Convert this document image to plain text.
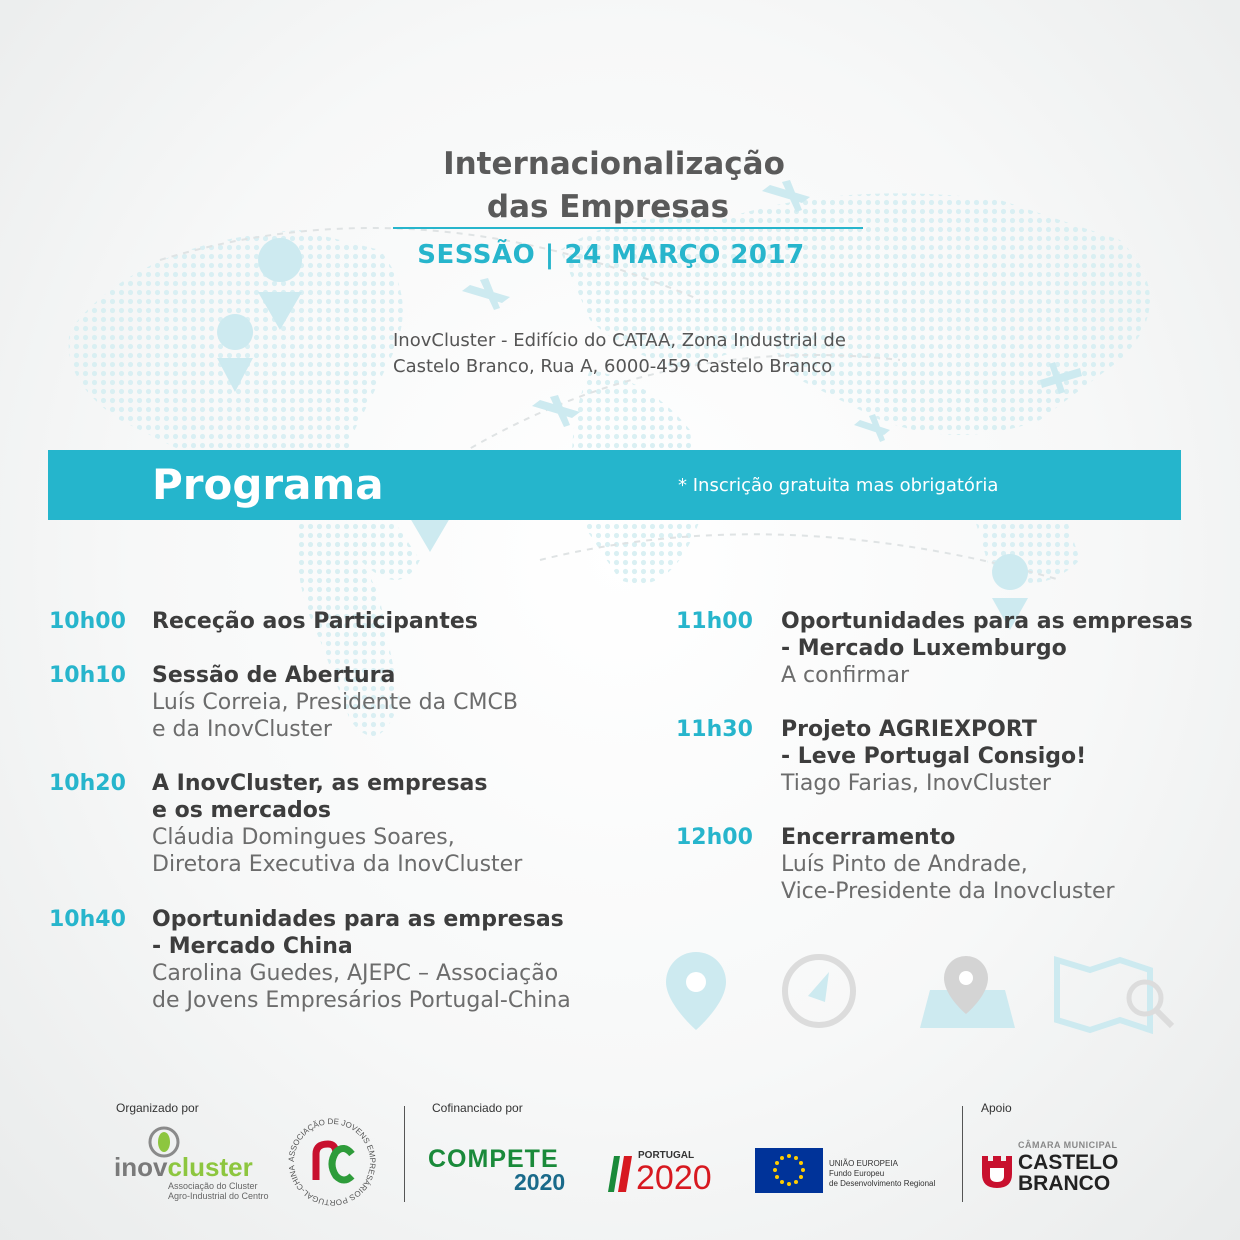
Internacionalização
das Empresas
SESSÃO | 24 MARÇO 2017
InovCluster - Edifício do CATAA, Zona Industrial de
Castelo Branco, Rua A, 6000-459 Castelo Branco
Programa	* Inscrição gratuita mas obrigatória
10h00 Receção aos Participantes
10h10 Sessão de Abertura
Luís Correia, Presidente da CMCB
e da InovCluster
10h20 A InovCluster, as empresas
e os mercados
Cláudia Domingues Soares,
Diretora Executiva da InovCluster
10h40 Oportunidades para as empresas
- Mercado China
Carolina Guedes, AJEPC – Associação
de Jovens Empresários Portugal-China
11h00 Oportunidades para as empresas
- Mercado Luxemburgo
A confirmar
11h30 Projeto AGRIEXPORT
- Leve Portugal Consigo!
Tiago Farias, InovCluster
12h00 Encerramento
Luís Pinto de Andrade,
Vice-Presidente da Inovcluster
Organizado por	Cofinanciado por	Apoio
inovcluster
Associação do Cluster
Agro-Industrial do Centro
ASSOCIAÇÃO DE JOVENS EMPRESÁRIOS PORTUGAL-CHINA	COMPETE
2020
PORTUGAL
2020	UNIÃO EUROPEIA
Fundo Europeu
de Desenvolvimento Regional
CÂMARA MUNICIPAL
CASTELO
BRANCO
